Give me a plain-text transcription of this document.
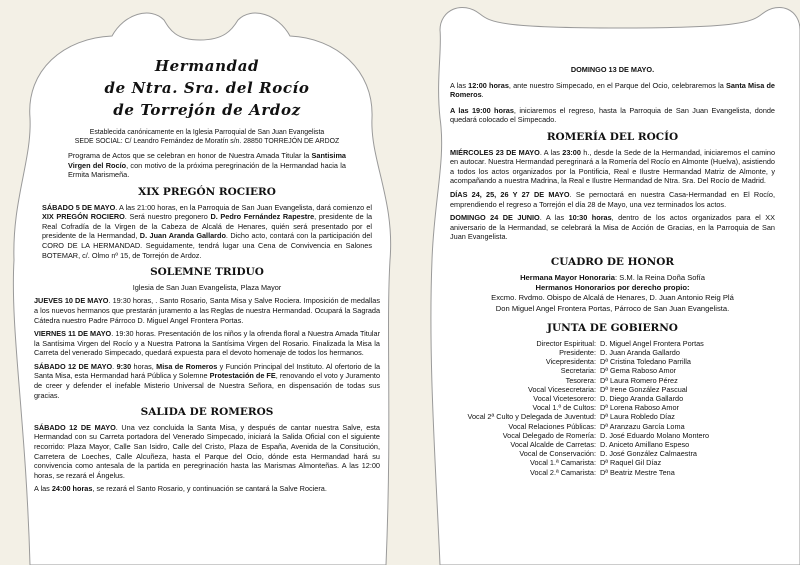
Hermandad
de Ntra. Sra. del Rocío
de Torrejón de Ardoz
Establecida canónicamente en la Iglesia Parroquial de San Juan Evangelista
SEDE SOCIAL: C/ Leandro Fernández de Moratín s/n. 28850 TORREJÓN DE ARDOZ

Programa de Actos que se celebran en honor de Nuestra Amada Titular la Santisima Virgen del Rocío, con motivo de la próxima peregrinación de la Hermandad hacia la Ermita Marismeña.

XIX PREGÓN ROCIERO

SÁBADO 5 DE MAYO. A las 21:00 horas, en la Parroquia de San Juan Evangelista, dará comienzo el XIX PREGÓN ROCIERO. Será nuestro pregonero D. Pedro Fernández Rapestre, presidente de la Real Cofradía de la Virgen de la Cabeza de Alcalá de Henares, quién será presentado por el presidente de la Hermandad, D. Juan Aranda Gallardo. Dicho acto, contará con la participación del CORO DE LA HERMANDAD. Seguidamente, tendrá lugar una Cena de Convivencia en Salones BOTEMAR, c/. Olmo nº 15, de Torrejón de Ardoz.

SOLEMNE TRIDUO

Iglesia de San Juan Evangelista, Plaza Mayor

JUEVES 10 DE MAYO. 19:30 horas, . Santo Rosario, Santa Misa y Salve Rociera. Imposición de medallas a los nuevos hermanos que prestarán juramento a las Reglas de nuestra Hermandad. Ocupará la Sagrada Cátedra nuestro Padre Párroco D. Miguel Angel Frontera Portas.

VIERNES 11 DE MAYO. 19:30 horas. Presentación de los niños y la ofrenda floral a Nuestra Amada Titular la Santísima Virgen del Rocío y a Nuestra Patrona la Santísima Virgen del Rosario. Finalizada la Misa la Carreta del venerado Simpecado, quedará expuesta para el devoto homenaje de todos los hermanos.

SÁBADO 12 DE MAYO. 9:30 horas, Misa de Romeros y Función Principal del Instituto. Al ofertorio de la Santa Misa, esta Hermandad hará Pública y Solemne Protestación de FE, renovando el voto y Juramento de creer y defender el inefable Misterio Universal de Nuestra Señora, en dispensación de todas sus gracias.

SALIDA DE ROMEROS

SÁBADO 12 DE MAYO. Una vez concluida la Santa Misa, y después de cantar nuestra Salve, esta Hermandad con su Carreta portadora del Venerado Simpecado, iniciará la Salida Oficial con el siguiente recorrido: Plaza Mayor, Calle San Isidro, Calle del Cristo, Plaza de España, Avenida de la Consitución, Carretera de Loeches, Calle Alcuñeza, hasta el Parque del Ocio, dónde esta Hermandad hará su convivencia como antesala de la partida en peregrinación hasta las Marismas Almonteñas. A las 12:00 horas, se rezará el Ángelus.

A las 24:00 horas, se rezará el Santo Rosario, y continuación se cantará la Salve Rociera.

DOMINGO 13 DE MAYO.

A las 12:00 horas, ante nuestro Simpecado, en el Parque del Ocio, celebraremos la Santa Misa de Romeros.

A las 19:00 horas, iniciaremos el regreso, hasta la Parroquia de San Juan Evangelista, donde quedará colocado el Simpecado.

ROMERÍA DEL ROCÍO

MIÉRCOLES 23 DE MAYO. A las 23:00 h., desde la Sede de la Hermandad, iniciaremos el camino en autocar. Nuestra Hermandad peregrinará a la Romería del Rocío en Almonte (Huelva), asistiendo a todos los actos organizados por la Pontificia, Real e Ilustre Hermandad Matriz de Almonte, y acompañando a nuestra Madrina, la Real e Ilustre Hermandad de Ntra. Sra. Del Rocío de Madrid.

DÍAS 24, 25, 26 Y 27 DE MAYO. Se pernoctará en nuestra Casa-Hermandad en El Rocío, emprendiendo el regreso a Torrejón el día 28 de Mayo, una vez terminados los actos.

DOMINGO 24 DE JUNIO. A las 10:30 horas, dentro de los actos organizados para el XX aniversario de la Hermandad, se celebrará la Misa de Acción de Gracias, en la Parroquia de San Juan Evangelista.

CUADRO DE HONOR
Hermana Mayor Honoraria: S.M. la Reina Doña Sofía
Hermanos Honorarios por derecho propio:
Excmo. Rvdmo. Obispo de Alcalá de Henares, D. Juan Antonio Reig Plá
Don Miguel Angel Frontera Portas, Párroco de San Juan Evangelista.
JUNTA DE GOBIERNO
Director Espiritual: D. Miguel Angel Frontera Portas
Presidente: D. Juan Aranda Gallardo
Vicepresidenta: Dª Cristina Toledano Parrilla
Secretaria: Dª Gema Raboso Amor
Tesorera: Dª Laura Romero Pérez
Vocal Vicesecretaria: Dª Irene González Pascual
Vocal Vicetesorero: D. Diego Aranda Gallardo
Vocal 1.º de Cultos: Dª Lorena Raboso Amor
Vocal 2ª Culto y Delegada de Juventud: Dª Laura Robledo Díaz
Vocal Relaciones Públicas: Dª Aranzazu García Loma
Vocal Delegado de Romería: D. José Eduardo Molano Montero
Vocal Alcalde de Carretas: D. Aniceto Amillano Espeso
Vocal de Conservación: D. José González Calmaestra
Vocal 1.ª Camarista: Dª Raquel Gil Díaz
Vocal 2.ª Camarista: Dª Beatriz Mestre Tena
